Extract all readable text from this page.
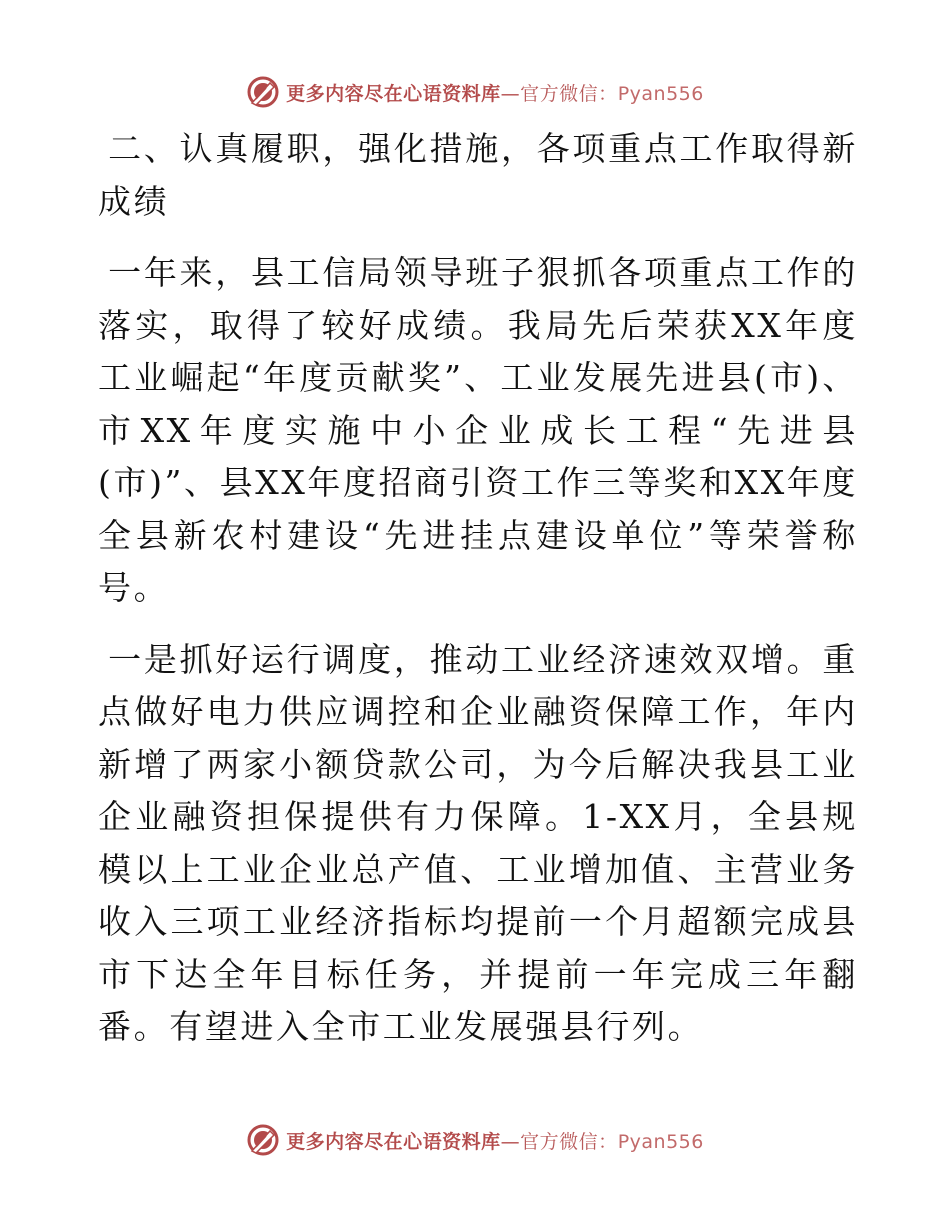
更多内容尽在心语资料库—官方微信：Pyan556

二、认真履职，强化措施，各项重点工作取得新成绩

一年来，县工信局领导班子狠抓各项重点工作的落实，取得了较好成绩。我局先后荣获XX年度工业崛起“年度贡献奖”、工业发展先进县(市)、市XX年度实施中小企业成长工程“先进县(市)”、县XX年度招商引资工作三等奖和XX年度全县新农村建设“先进挂点建设单位”等荣誉称号。

一是抓好运行调度，推动工业经济速效双增。重点做好电力供应调控和企业融资保障工作，年内新增了两家小额贷款公司，为今后解决我县工业企业融资担保提供有力保障。1-XX月，全县规模以上工业企业总产值、工业增加值、主营业务收入三项工业经济指标均提前一个月超额完成县市下达全年目标任务，并提前一年完成三年翻番。有望进入全市工业发展强县行列。

更多内容尽在心语资料库—官方微信：Pyan556
